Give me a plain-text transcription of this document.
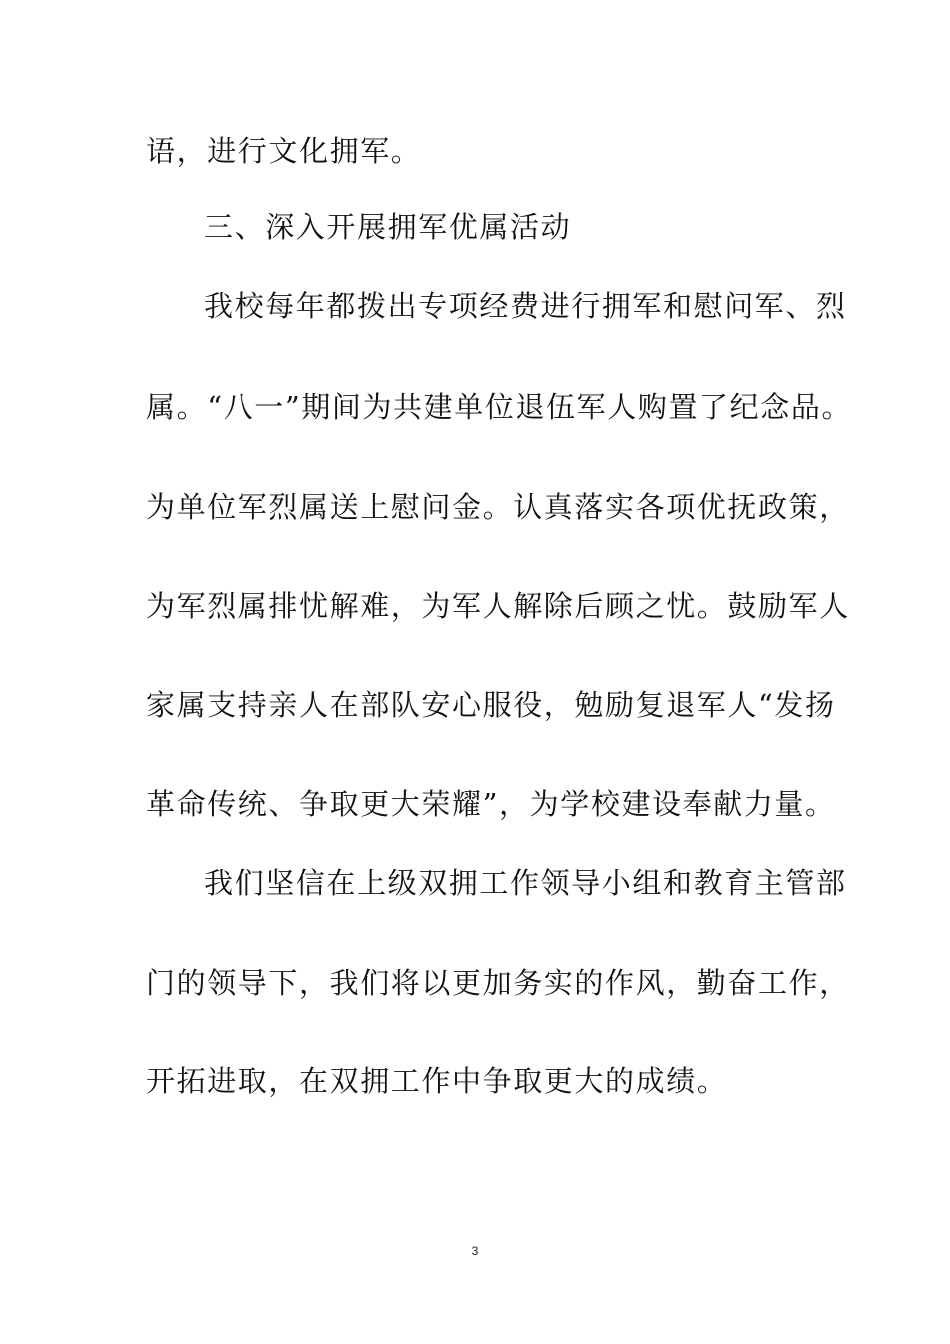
语，进行文化拥军。
三、深入开展拥军优属活动
我校每年都拨出专项经费进行拥军和慰问军、烈
属。“八一”期间为共建单位退伍军人购置了纪念品。
为单位军烈属送上慰问金。认真落实各项优抚政策，
为军烈属排忧解难，为军人解除后顾之忧。鼓励军人
家属支持亲人在部队安心服役，勉励复退军人“发扬
革命传统、争取更大荣耀”，为学校建设奉献力量。
我们坚信在上级双拥工作领导小组和教育主管部
门的领导下，我们将以更加务实的作风，勤奋工作，
开拓进取，在双拥工作中争取更大的成绩。
3
